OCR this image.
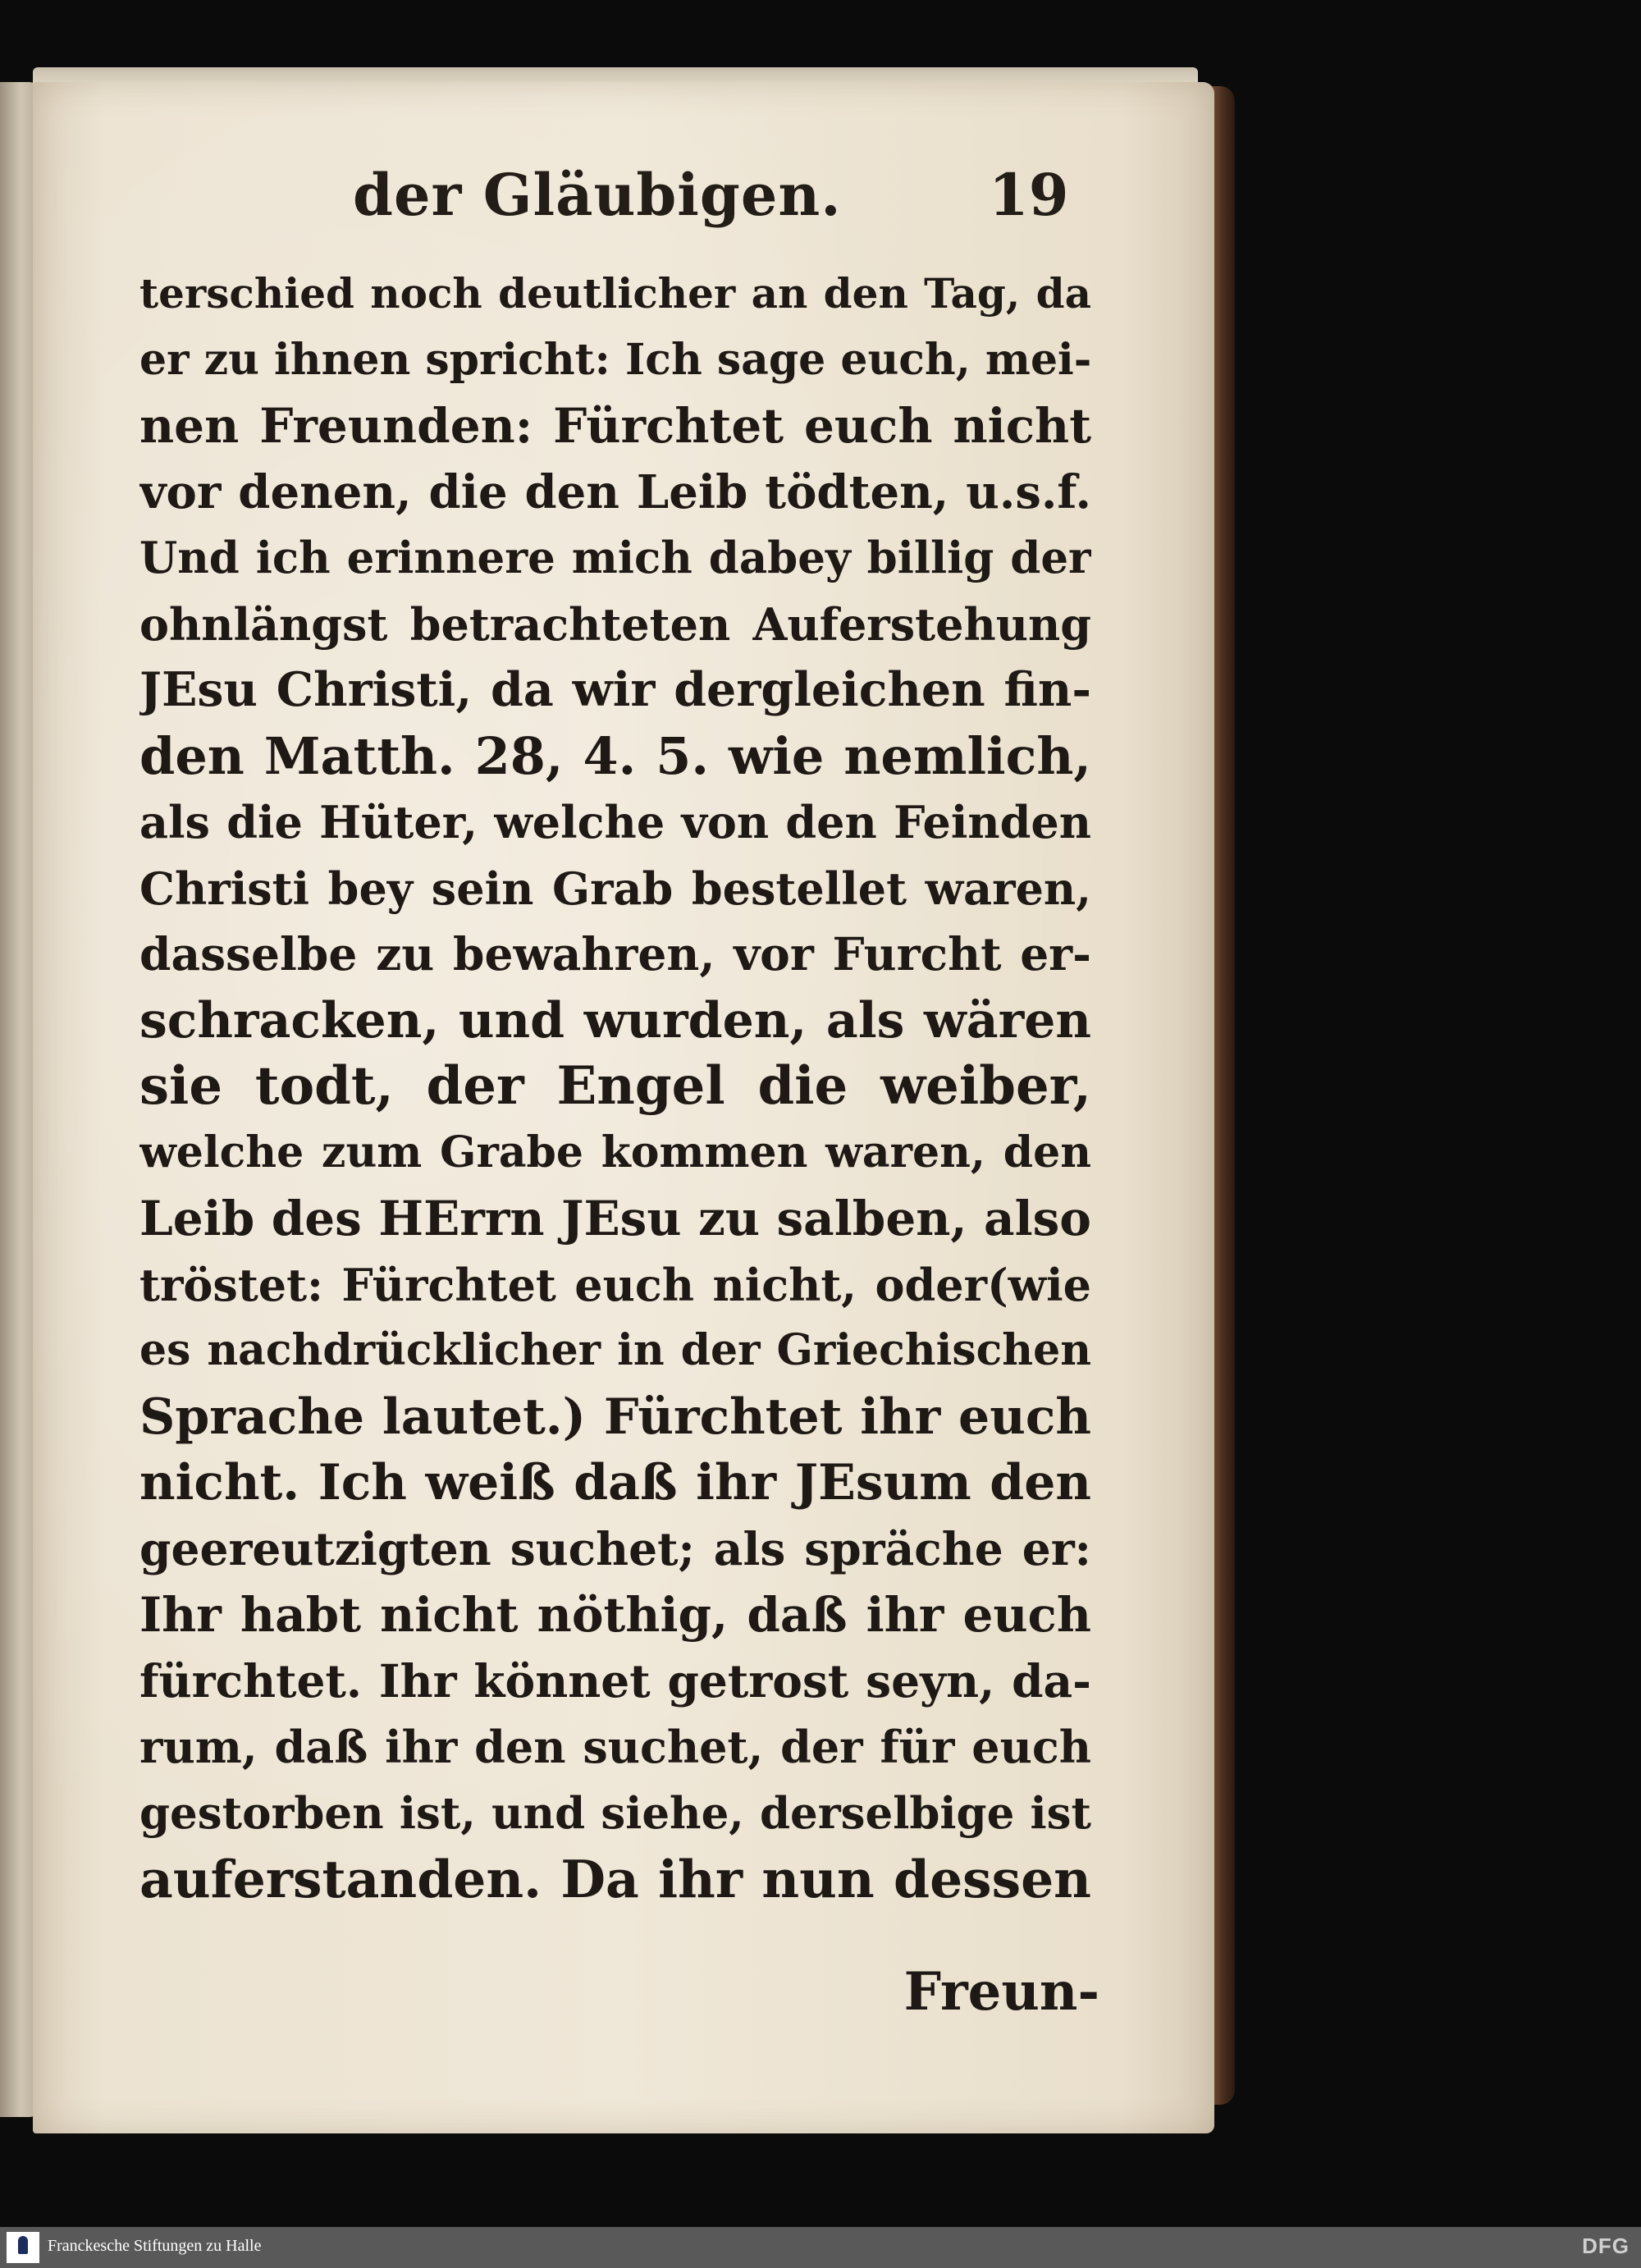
der Gläubigen.	19
terschied noch deutlicher an den Tag, da
er zu ihnen spricht: Ich sage euch, mei-
nen Freunden: Fürchtet euch nicht
vor denen, die den Leib tödten, u.s.f.
Und ich erinnere mich dabey billig der
ohnlängst betrachteten Auferstehung
JEsu Christi, da wir dergleichen fin-
den Matth. 28, 4. 5. wie nemlich,
als die Hüter, welche von den Feinden
Christi bey sein Grab bestellet waren,
dasselbe zu bewahren, vor Furcht er-
schracken, und wurden, als wären
sie todt, der Engel die weiber,
welche zum Grabe kommen waren, den
Leib des HErrn JEsu zu salben, also
tröstet: Fürchtet euch nicht, oder(wie
es nachdrücklicher in der Griechischen
Sprache lautet.) Fürchtet ihr euch
nicht. Ich weiß daß ihr JEsum den
geereutzigten suchet; als spräche er:
Ihr habt nicht nöthig, daß ihr euch
fürchtet. Ihr könnet getrost seyn, da-
rum, daß ihr den suchet, der für euch
gestorben ist, und siehe, derselbige ist
auferstanden. Da ihr nun dessen
Freun-
Franckesche Stiftungen zu Halle	DFG
